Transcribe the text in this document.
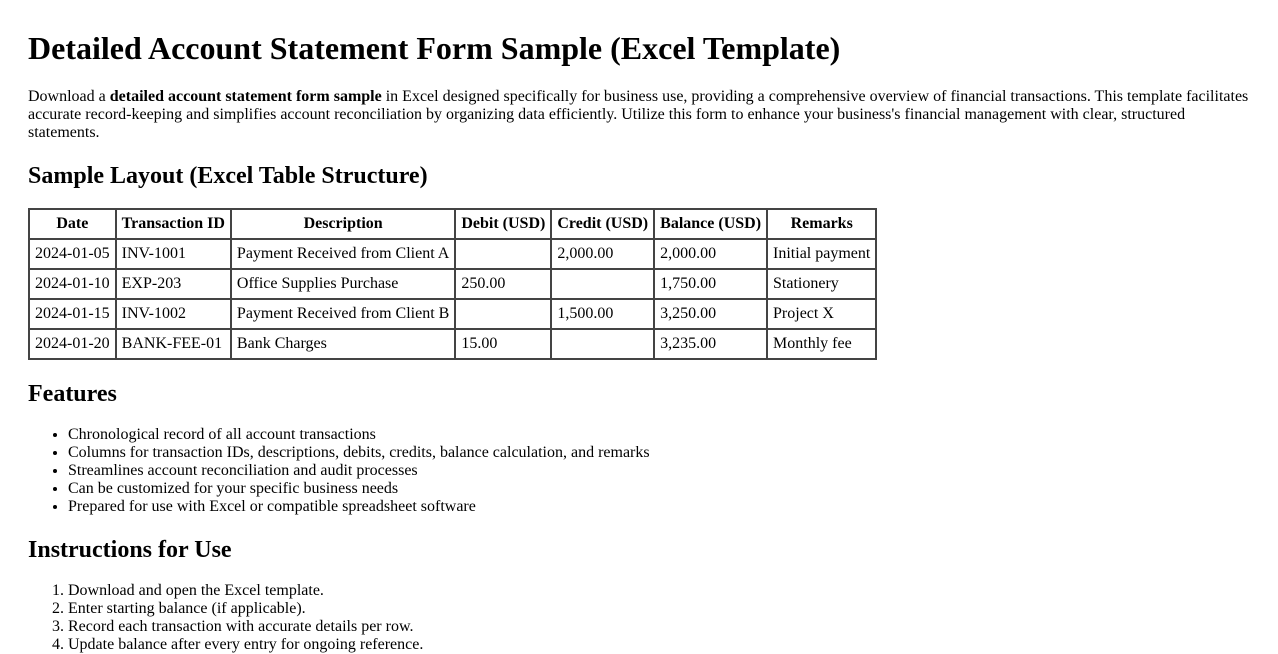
Detailed Account Statement Form Sample (Excel Template)

Download a detailed account statement form sample in Excel designed specifically for business use, providing a comprehensive overview of financial transactions. This template facilitates accurate record-keeping and simplifies account reconciliation by organizing data efficiently. Utilize this form to enhance your business's financial management with clear, structured statements.

Sample Layout (Excel Table Structure)
Date	Transaction ID	Description	Debit (USD)	Credit (USD)	Balance (USD)	Remarks
2024-01-05	INV-1001	Payment Received from Client A		2,000.00	2,000.00	Initial payment
2024-01-10	EXP-203	Office Supplies Purchase	250.00		1,750.00	Stationery
2024-01-15	INV-1002	Payment Received from Client B		1,500.00	3,250.00	Project X
2024-01-20	BANK-FEE-01	Bank Charges	15.00		3,235.00	Monthly fee
Features
• Chronological record of all account transactions
• Columns for transaction IDs, descriptions, debits, credits, balance calculation, and remarks
• Streamlines account reconciliation and audit processes
• Can be customized for your specific business needs
• Prepared for use with Excel or compatible spreadsheet software
Instructions for Use
1. Download and open the Excel template.
2. Enter starting balance (if applicable).
3. Record each transaction with accurate details per row.
4. Update balance after every entry for ongoing reference.
